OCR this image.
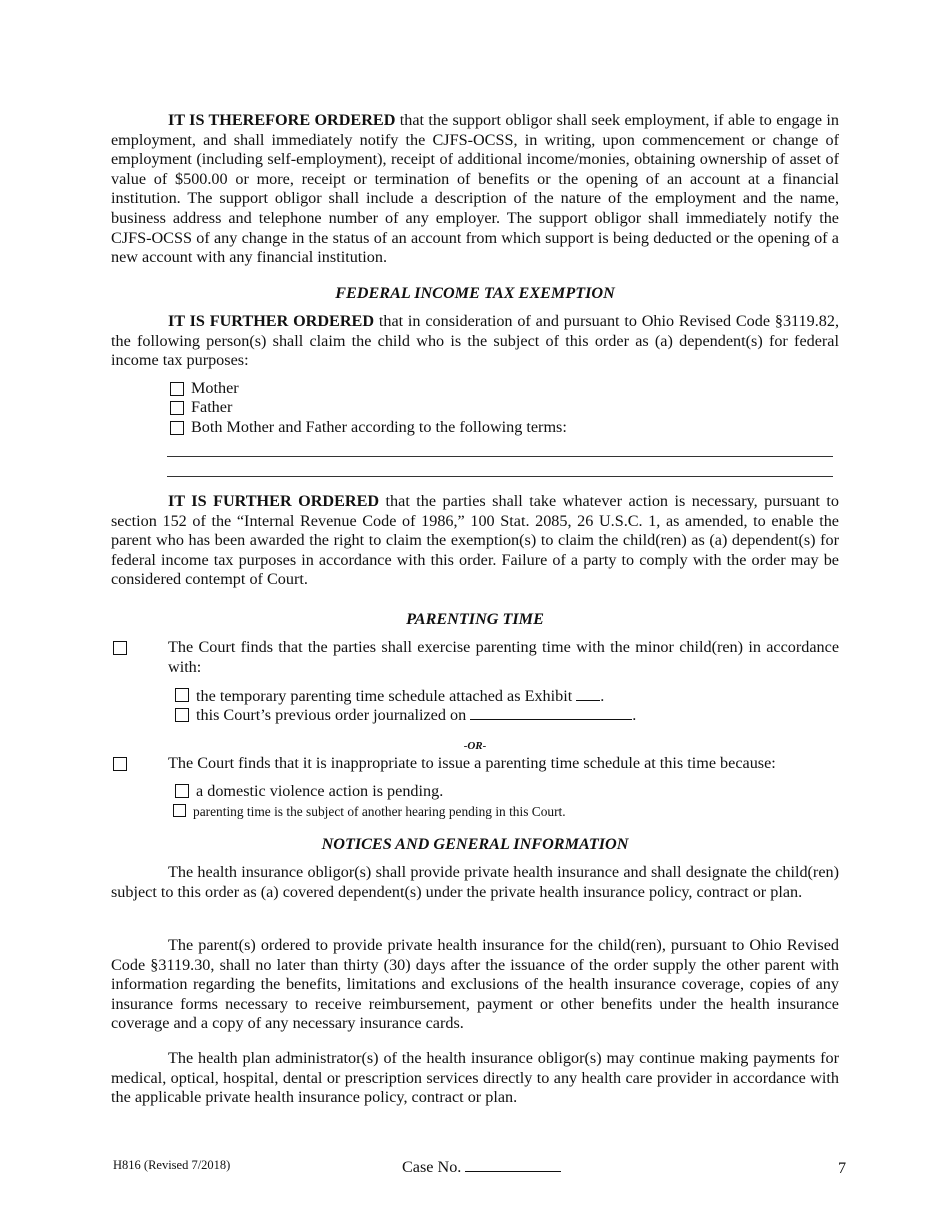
IT IS THEREFORE ORDERED that the support obligor shall seek employment, if able to engage in employment, and shall immediately notify the CJFS-OCSS, in writing, upon commencement or change of employment (including self-employment), receipt of additional income/monies, obtaining ownership of asset of value of $500.00 or more, receipt or termination of benefits or the opening of an account at a financial institution. The support obligor shall include a description of the nature of the employment and the name, business address and telephone number of any employer. The support obligor shall immediately notify the CJFS-OCSS of any change in the status of an account from which support is being deducted or the opening of a new account with any financial institution.

FEDERAL INCOME TAX EXEMPTION

IT IS FURTHER ORDERED that in consideration of and pursuant to Ohio Revised Code §3119.82, the following person(s) shall claim the child who is the subject of this order as (a) dependent(s) for federal income tax purposes:

Mother
Father
Both Mother and Father according to the following terms:

IT IS FURTHER ORDERED that the parties shall take whatever action is necessary, pursuant to section 152 of the “Internal Revenue Code of 1986,” 100 Stat. 2085, 26 U.S.C. 1, as amended, to enable the parent who has been awarded the right to claim the exemption(s) to claim the child(ren) as (a) dependent(s) for federal income tax purposes in accordance with this order. Failure of a party to comply with the order may be considered contempt of Court.

PARENTING TIME

The Court finds that the parties shall exercise parenting time with the minor child(ren) in accordance with:

the temporary parenting time schedule attached as Exhibit .
this Court’s previous order journalized on	.
-OR-
The Court finds that it is inappropriate to issue a parenting time schedule at this time because:
a domestic violence action is pending.
parenting time is the subject of another hearing pending in this Court.

NOTICES AND GENERAL INFORMATION

The health insurance obligor(s) shall provide private health insurance and shall designate the child(ren) subject to this order as (a) covered dependent(s) under the private health insurance policy, contract or plan.

The parent(s) ordered to provide private health insurance for the child(ren), pursuant to Ohio Revised Code §3119.30, shall no later than thirty (30) days after the issuance of the order supply the other parent with information regarding the benefits, limitations and exclusions of the health insurance coverage, copies of any insurance forms necessary to receive reimbursement, payment or other benefits under the health insurance coverage and a copy of any necessary insurance cards.

The health plan administrator(s) of the health insurance obligor(s) may continue making payments for medical, optical, hospital, dental or prescription services directly to any health care provider in accordance with the applicable private health insurance policy, contract or plan.

H816 (Revised 7/2018)	Case No.	7
